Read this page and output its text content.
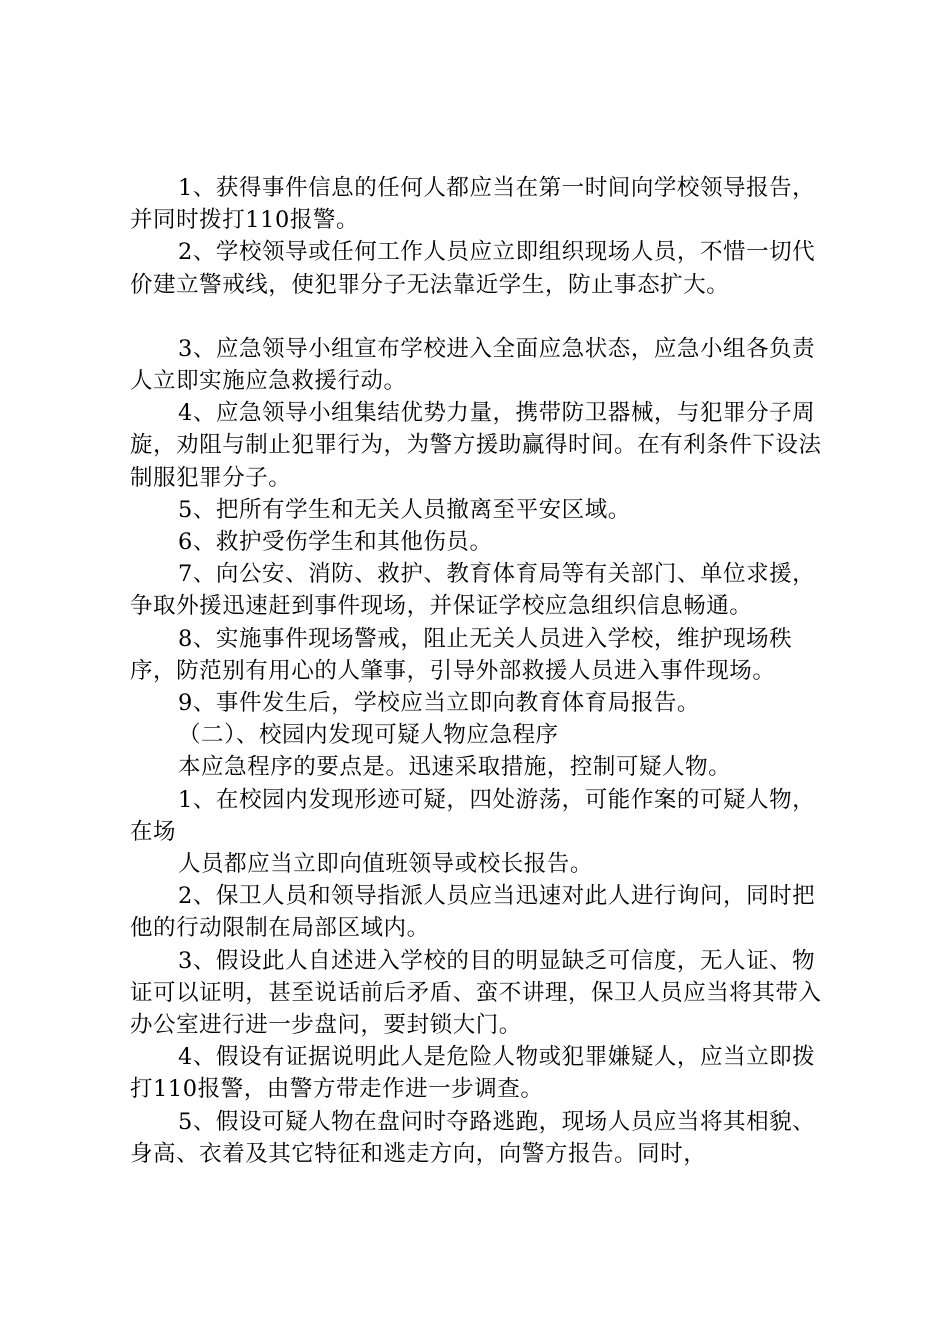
1、获得事件信息的任何人都应当在第一时间向学校领导报告，并同时拨打110报警。

2、学校领导或任何工作人员应立即组织现场人员，不惜一切代价建立警戒线，使犯罪分子无法靠近学生，防止事态扩大。

3、应急领导小组宣布学校进入全面应急状态，应急小组各负责人立即实施应急救援行动。

4、应急领导小组集结优势力量，携带防卫器械，与犯罪分子周旋，劝阻与制止犯罪行为，为警方援助赢得时间。在有利条件下设法制服犯罪分子。

5、把所有学生和无关人员撤离至平安区域。

6、救护受伤学生和其他伤员。

7、向公安、消防、救护、教育体育局等有关部门、单位求援，争取外援迅速赶到事件现场，并保证学校应急组织信息畅通。

8、实施事件现场警戒，阻止无关人员进入学校，维护现场秩序，防范别有用心的人肇事，引导外部救援人员进入事件现场。

9、事件发生后，学校应当立即向教育体育局报告。

（二）、校园内发现可疑人物应急程序

本应急程序的要点是。迅速采取措施，控制可疑人物。

1、在校园内发现形迹可疑，四处游荡，可能作案的可疑人物，在场

人员都应当立即向值班领导或校长报告。

2、保卫人员和领导指派人员应当迅速对此人进行询问，同时把他的行动限制在局部区域内。

3、假设此人自述进入学校的目的明显缺乏可信度，无人证、物证可以证明，甚至说话前后矛盾、蛮不讲理，保卫人员应当将其带入办公室进行进一步盘问，要封锁大门。

4、假设有证据说明此人是危险人物或犯罪嫌疑人，应当立即拨打110报警，由警方带走作进一步调查。

5、假设可疑人物在盘问时夺路逃跑，现场人员应当将其相貌、身高、衣着及其它特征和逃走方向，向警方报告。同时，
